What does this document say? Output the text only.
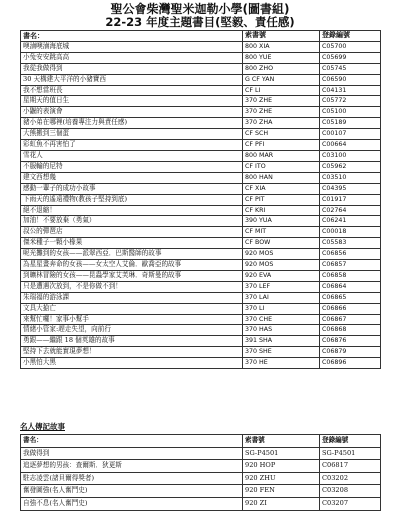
聖公會柴灣聖米迦勒小學(圖書組)
22-23 年度主題書目(堅毅、責任感)
書名：	索書號	登錄編號
噢滷噢滷海底城	800 XIA	C05700
小兔安安跳高高	800 YUE	C05699
我從我做得到	800 ZHO	C05745
30 天構建大平洋的小豬寶西	G CF YAN	C06590
我不想當班長	CF LI	C04131
星期天的值日生	370 ZHE	C05772
小鼴的表演會	370 ZHE	C05100
豬小弟在哪裡(培養專注力與責任感)	370 ZHA	C05189
大熊搬到三個蛋	CF SCH	C00107
彩虹魚不再害怕了	CF PFI	C00664
雪花人	800 MAR	C03100
不服輸的尼特	CF ITO	C05962
建文西想幾	800 HAN	C03510
感動一輩子的成功小故事	CF XIA	C04395
下雨天的遙遠禮物(教孩子堅持到底)	CF PIT	C01917
絕不退縮！	CF KRI	C02764
加油！不要放棄（勇氣）	390 YUA	C06241
叔公的彈琶店	CF MIT	C00018
傑米種子一顆小橡果	CF BOW	C05583
呢光攤到的女孩——派翠西亞．巴斯醫師的故事	920 MOS	C06856
為星星畫奔命的女孩——女太空人艾倫．歐喬亞的故事	920 MOS	C06857
到曠林冒險的女孩——昆蟲學家艾芙琳．奇斯曼的故事	920 EVA	C06858
只是遭遇次放到，不是你做不到！	370 LEF	C06864
朱瑞福的游泳課	370 LAI	C06865
文具大搶亡	370 LI	C06866
來幫忙囉！家事小幫手	370 CHE	C06867
情緒小管家:趕走失望，向前行	370 HAS	C06868
勇跟——繼跟 18 個英雄的故事	391 SHA	C06876
堅持下去就能實現夢想！	370 SHE	C06879
小黑怕大黑	370 HE	C06896
名人傳記故事
書名：	索書號	登錄編號
我做得到	SG-P4501	SG-P4501
追逐夢想的男孩：查爾斯．狄更斯	920 HOP	C06817
駐志凌雲(諸貝爾得獎者)	920 ZHU	C03202
奮發圖強(名人奮鬥史)	920 FEN	C03208
自強不息(名人奮鬥史)	920 ZI	C03207
